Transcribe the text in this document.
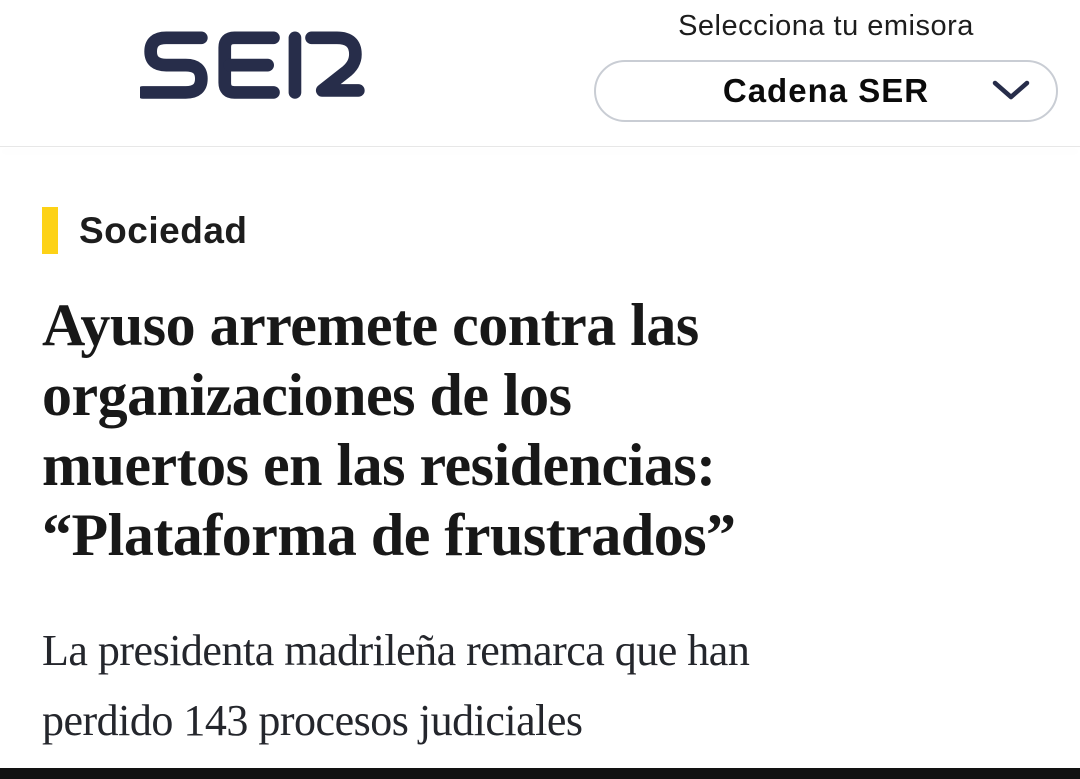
Selecciona tu emisora
Cadena SER
Sociedad
Ayuso arremete contra las
organizaciones de los
muertos en las residencias:
“Plataforma de frustrados”
La presidenta madrileña remarca que han
perdido 143 procesos judiciales
